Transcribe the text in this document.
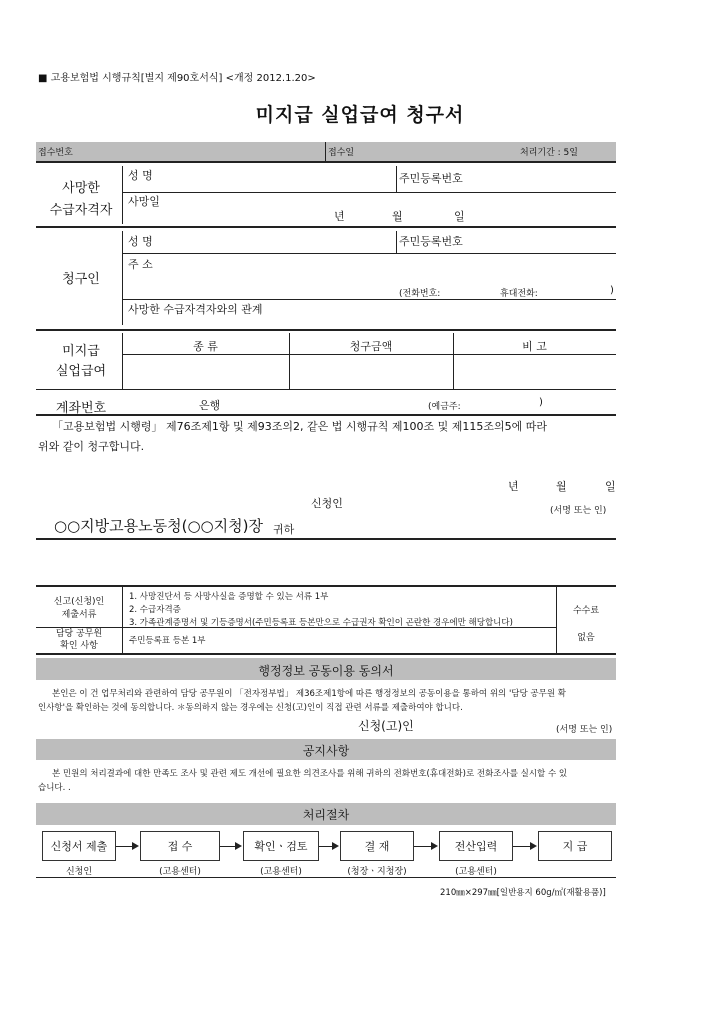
■ 고용보험법 시행규칙[별지 제90호서식] <개정 2012.1.20>
미지급 실업급여 청구서
접수번호	접수일	처리기간 : 5일
사망한
수급자격자
성 명	주민등록번호
사망일
년	월	일
청구인
성 명	주민등록번호
주 소
(전화번호:	휴대전화:	)
사망한 수급자격자와의 관계
미지급
실업급여
종 류	청구금액	비 고
계좌번호	은행	(예금주:	)
「고용보험법 시행령」 제76조제1항 및 제93조의2, 같은 법 시행규칙 제100조 및 제115조의5에 따라
위와 같이 청구합니다.
년	월	일
신청인
(서명 또는 인)
○○지방고용노동청(○○지청)장 귀하
신고(신청)인
제출서류
1. 사망진단서 등 사망사실을 증명할 수 있는 서류 1부
2. 수급자격증
3. 가족관계증명서 및 기등증명서(주민등록표 등본만으로 수급권자 확인이 곤란한 경우에만 해당합니다)
담당 공무원
확인 사항	주민등록표 등본 1부
수수료
없음
행정정보 공동이용 동의서
본인은 이 건 업무처리와 관련하여 담당 공무원이 「전자정부법」 제36조제1항에 따른 행정정보의 공동이용을 통하여 위의 '담당 공무원 확
인사항'을 확인하는 것에 동의합니다. ＊동의하지 않는 경우에는 신청(고)인이 직접 관련 서류를 제출하여야 합니다.
신청(고)인	(서명 또는 인)
공지사항
본 민원의 처리결과에 대한 만족도 조사 및 관련 제도 개선에 필요한 의견조사를 위해 귀하의 전화번호(휴대전화)로 전화조사를 실시할 수 있
습니다. .
처리절차
신청서 제출	접 수	확인ㆍ검토	결 재	전산입력	지 급
신청인	(고용센터)	(고용센터)	(청장ㆍ지청장)	(고용센터)
210㎜×297㎜[일반용지 60g/㎡(재활용품)]
